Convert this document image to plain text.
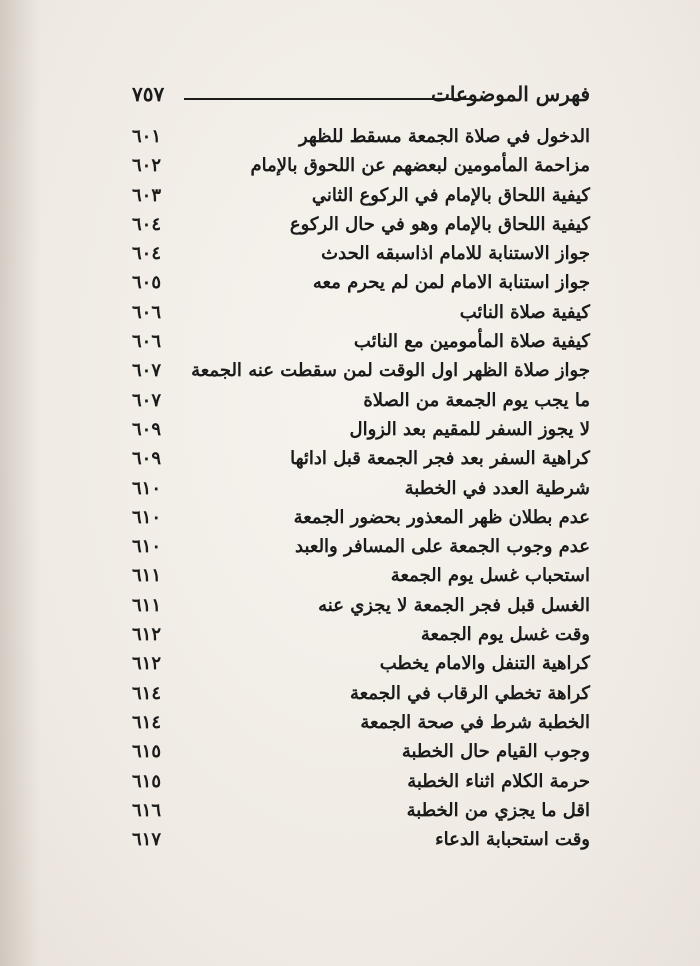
فهرس الموضوعات
٧٥٧
الدخول في صلاة الجمعة مسقط للظهر
٦٠١
مزاحمة المأمومين لبعضهم عن اللحوق بالإمام
٦٠٢
كيفية اللحاق بالإمام في الركوع الثاني
٦٠٣
كيفية اللحاق بالإمام وهو في حال الركوع
٦٠٤
جواز الاستنابة للامام اذاسبقه الحدث
٦٠٤
جواز استنابة الامام لمن لم يحرم معه
٦٠٥
كيفية صلاة النائب
٦٠٦
كيفية صلاة المأمومين مع النائب
٦٠٦
جواز صلاة الظهر اول الوقت لمن سقطت عنه الجمعة
٦٠٧
ما يجب يوم الجمعة من الصلاة
٦٠٧
لا يجوز السفر للمقيم بعد الزوال
٦٠٩
كراهية السفر بعد فجر الجمعة قبل ادائها
٦٠٩
شرطية العدد في الخطبة
٦١٠
عدم بطلان ظهر المعذور بحضور الجمعة
٦١٠
عدم وجوب الجمعة على المسافر والعبد
٦١٠
استحباب غسل يوم الجمعة
٦١١
الغسل قبل فجر الجمعة لا يجزي عنه
٦١١
وقت غسل يوم الجمعة
٦١٢
كراهية التنفل والامام يخطب
٦١٢
كراهة تخطي الرقاب في الجمعة
٦١٤
الخطبة شرط في صحة الجمعة
٦١٤
وجوب القيام حال الخطبة
٦١٥
حرمة الكلام اثناء الخطبة
٦١٥
اقل ما يجزي من الخطبة
٦١٦
وقت استحبابة الدعاء
٦١٧
